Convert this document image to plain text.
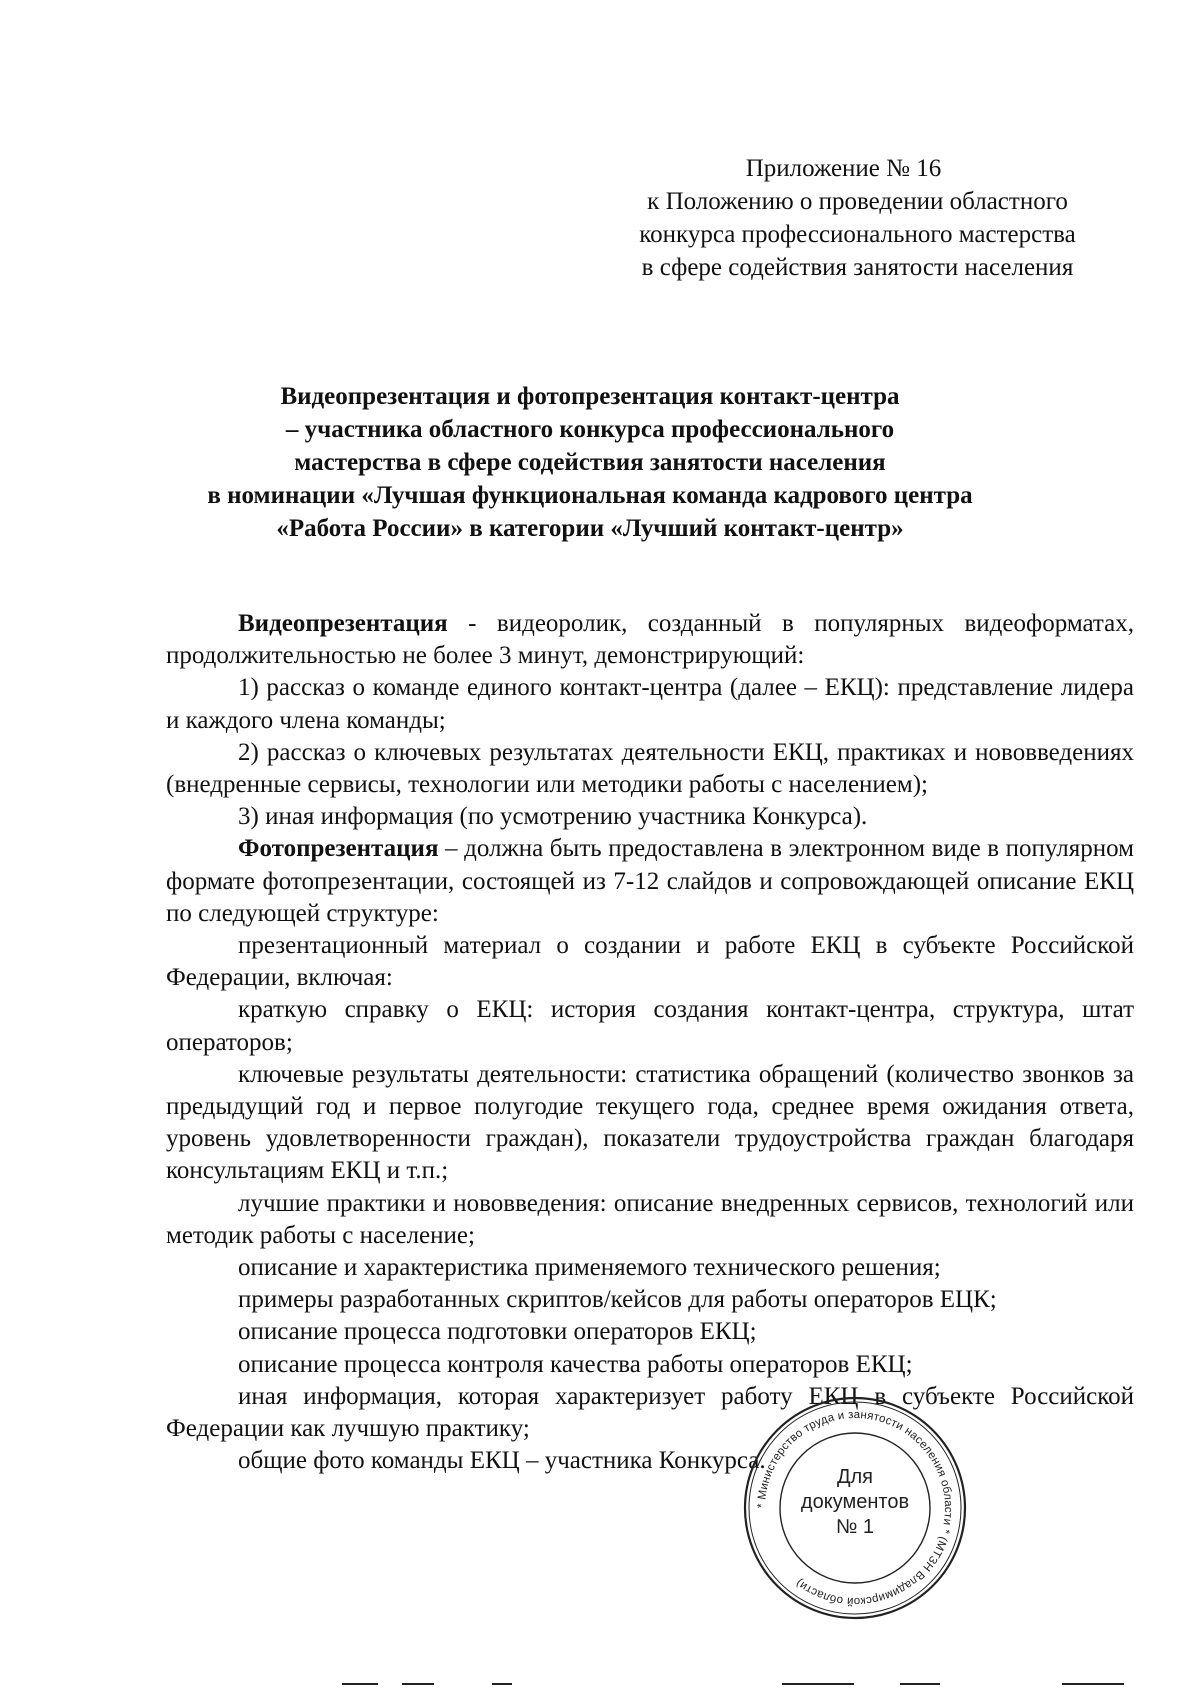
Приложение № 16
к Положению о проведении областного
конкурса профессионального мастерства
в сфере содействия занятости населения
Видеопрезентация и фотопрезентация контакт-центра
– участника областного конкурса профессионального
мастерства в сфере содействия занятости населения
в номинации «Лучшая функциональная команда кадрового центра
«Работа России» в категории «Лучший контакт-центр»

Видеопрезентация - видеоролик, созданный в популярных видеоформатах, продолжительностью не более 3 минут, демонстрирующий:

1) рассказ о команде единого контакт-центра (далее – ЕКЦ): представление лидера и каждого члена команды;

2) рассказ о ключевых результатах деятельности ЕКЦ, практиках и нововведениях (внедренные сервисы, технологии или методики работы с населением);

3) иная информация (по усмотрению участника Конкурса).

Фотопрезентация – должна быть предоставлена в электронном виде в популярном формате фотопрезентации, состоящей из 7-12 слайдов и сопровождающей описание ЕКЦ по следующей структуре:

презентационный материал о создании и работе ЕКЦ в субъекте Российской Федерации, включая:

краткую справку о ЕКЦ: история создания контакт-центра, структура, штат операторов;

ключевые результаты деятельности: статистика обращений (количество звонков за предыдущий год и первое полугодие текущего года, среднее время ожидания ответа, уровень удовлетворенности граждан), показатели трудоустройства граждан благодаря консультациям ЕКЦ и т.п.;

лучшие практики и нововведения: описание внедренных сервисов, технологий или методик работы с население;

описание и характеристика применяемого технического решения;

примеры разработанных скриптов/кейсов для работы операторов ЕЦК;

описание процесса подготовки операторов ЕКЦ;

описание процесса контроля качества работы операторов ЕКЦ;

иная информация, которая характеризует работу ЕКЦ в субъекте Российской Федерации как лучшую практику;

общие фото команды ЕКЦ – участника Конкурса.

* Министерство труда и занятости населения области * (МТЗН Владимирской области)
Для
документов
№ 1
